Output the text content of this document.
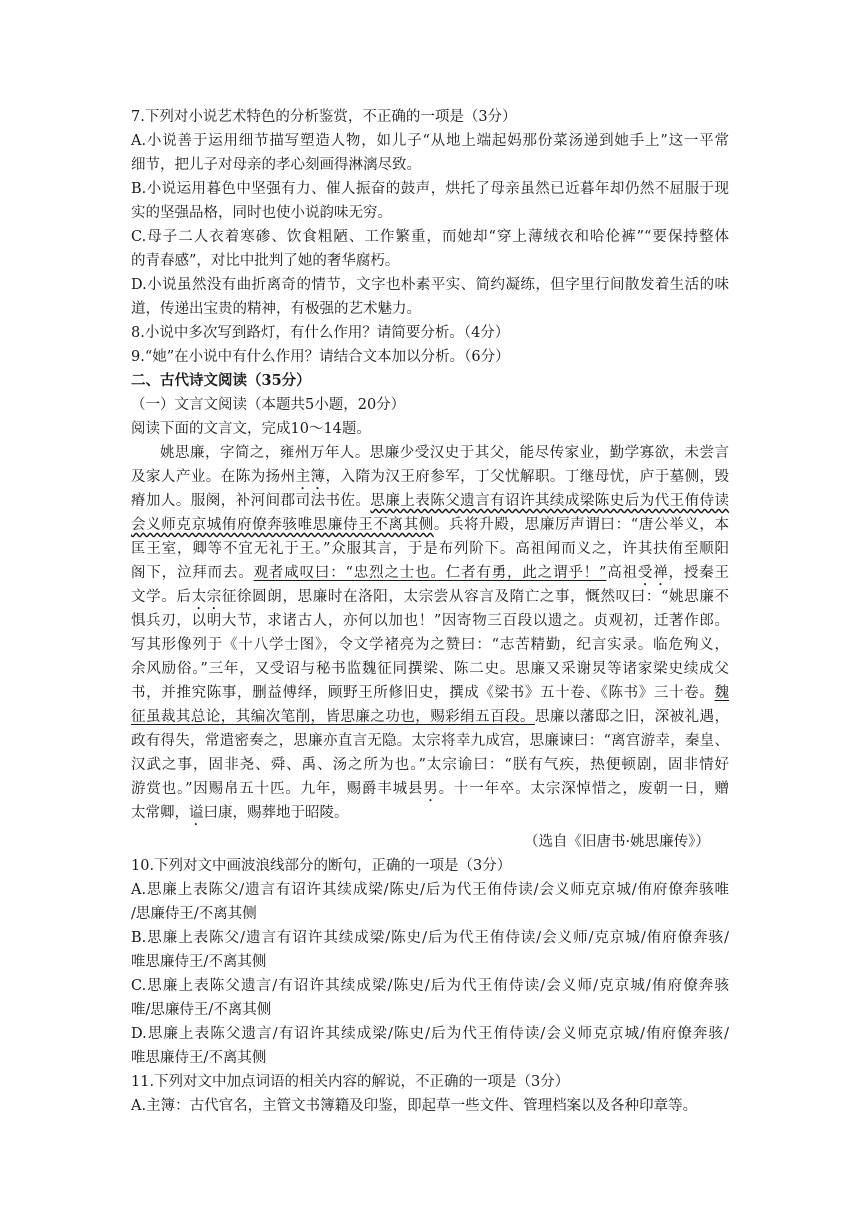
7.下列对小说艺术特色的分析鉴赏，不正确的一项是（3分）
A.小说善于运用细节描写塑造人物，如儿子“从地上端起妈那份菜汤递到她手上”这一平常
细节，把儿子对母亲的孝心刻画得淋漓尽致。
B.小说运用暮色中坚强有力、催人振奋的鼓声，烘托了母亲虽然已近暮年却仍然不屈服于现
实的坚强品格，同时也使小说韵味无穷。
C.母子二人衣着寒碜、饮食粗陋、工作繁重，而她却“穿上薄绒衣和哈伦裤”“要保持整体
的青春感”，对比中批判了她的奢华腐朽。
D.小说虽然没有曲折离奇的情节，文字也朴素平实、简约凝练，但字里行间散发着生活的味
道，传递出宝贵的精神，有极强的艺术魅力。
8.小说中多次写到路灯，有什么作用？请简要分析。（4分）
9.“她”在小说中有什么作用？请结合文本加以分析。（6分）
二、古代诗文阅读（35分）
（一）文言文阅读（本题共5小题，20分）
阅读下面的文言文，完成10～14题。
姚思廉，字简之，雍州万年人。思廉少受汉史于其父，能尽传家业，勤学寡欲，未尝言
及家人产业。在陈为扬州主簿，入隋为汉王府参军，丁父忧解职。丁继母忧，庐于墓侧，毁
瘠加人。服阕，补河间郡司法书佐。思廉上表陈父遗言有诏许其续成梁陈史后为代王侑侍读
会义师克京城侑府僚奔骇唯思廉侍王不离其侧。兵将升殿，思廉厉声谓曰：“唐公举义，本
匡王室，卿等不宜无礼于王。”众服其言，于是布列阶下。高祖闻而义之，许其扶侑至顺阳
阁下，泣拜而去。观者咸叹曰：“忠烈之士也。仁者有勇，此之谓乎！”高祖受禅，授秦王
文学。后太宗征徐圆朗，思廉时在洛阳，太宗尝从容言及隋亡之事，慨然叹曰：“姚思廉不
惧兵刃，以明大节，求诸古人，亦何以加也！”因寄物三百段以遗之。贞观初，迁著作郎。
写其形像列于《十八学士图》，令文学褚亮为之赞曰：“志苦精勤，纪言实录。临危殉义，
余风励俗。”三年，又受诏与秘书监魏征同撰梁、陈二史。思廉又采谢炅等诸家梁史续成父
书，并推究陈事，删益傅绎，顾野王所修旧史，撰成《梁书》五十卷、《陈书》三十卷。魏
征虽裁其总论，其编次笔削，皆思廉之功也，赐彩绢五百段。思廉以藩邸之旧，深被礼遇，
政有得失，常遣密奏之，思廉亦直言无隐。太宗将幸九成宫，思廉谏曰：“离宫游幸，秦皇、
汉武之事，固非尧、舜、禹、汤之所为也。”太宗谕曰：“朕有气疾，热便顿剧，固非情好
游赏也。”因赐帛五十匹。九年，赐爵丰城县男。十一年卒。太宗深悼惜之，废朝一日，赠
太常卿，谥曰康，赐葬地于昭陵。
（选自《旧唐书·姚思廉传》）
10.下列对文中画波浪线部分的断句，正确的一项是（3分）
A.思廉上表陈父/遗言有诏许其续成梁/陈史/后为代王侑侍读/会义师克京城/侑府僚奔骇唯
/思廉侍王/不离其侧
B.思廉上表陈父/遗言有诏许其续成梁/陈史/后为代王侑侍读/会义师/克京城/侑府僚奔骇/
唯思廉侍王/不离其侧
C.思廉上表陈父遗言/有诏许其续成梁/陈史/后为代王侑侍读/会义师/克京城/侑府僚奔骇
唯/思廉侍王/不离其侧
D.思廉上表陈父遗言/有诏许其续成梁/陈史/后为代王侑侍读/会义师克京城/侑府僚奔骇/
唯思廉侍王/不离其侧
11.下列对文中加点词语的相关内容的解说，不正确的一项是（3分）
A.主簿：古代官名，主管文书簿籍及印鉴，即起草一些文件、管理档案以及各种印章等。
